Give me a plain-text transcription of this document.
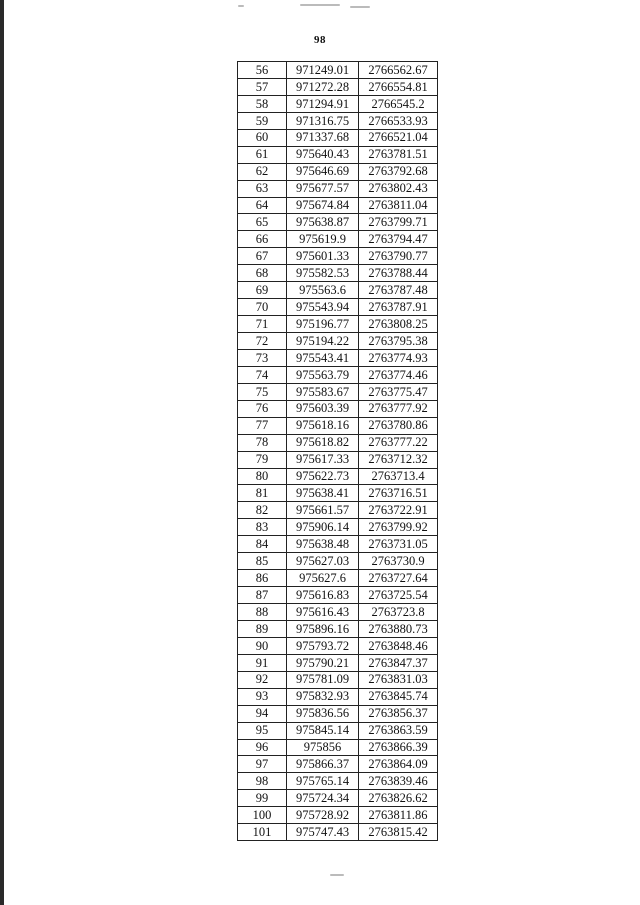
98
56	971249.01	2766562.67
57	971272.28	2766554.81
58	971294.91	2766545.2
59	971316.75	2766533.93
60	971337.68	2766521.04
61	975640.43	2763781.51
62	975646.69	2763792.68
63	975677.57	2763802.43
64	975674.84	2763811.04
65	975638.87	2763799.71
66	975619.9	2763794.47
67	975601.33	2763790.77
68	975582.53	2763788.44
69	975563.6	2763787.48
70	975543.94	2763787.91
71	975196.77	2763808.25
72	975194.22	2763795.38
73	975543.41	2763774.93
74	975563.79	2763774.46
75	975583.67	2763775.47
76	975603.39	2763777.92
77	975618.16	2763780.86
78	975618.82	2763777.22
79	975617.33	2763712.32
80	975622.73	2763713.4
81	975638.41	2763716.51
82	975661.57	2763722.91
83	975906.14	2763799.92
84	975638.48	2763731.05
85	975627.03	2763730.9
86	975627.6	2763727.64
87	975616.83	2763725.54
88	975616.43	2763723.8
89	975896.16	2763880.73
90	975793.72	2763848.46
91	975790.21	2763847.37
92	975781.09	2763831.03
93	975832.93	2763845.74
94	975836.56	2763856.37
95	975845.14	2763863.59
96	975856	2763866.39
97	975866.37	2763864.09
98	975765.14	2763839.46
99	975724.34	2763826.62
100	975728.92	2763811.86
101	975747.43	2763815.42
